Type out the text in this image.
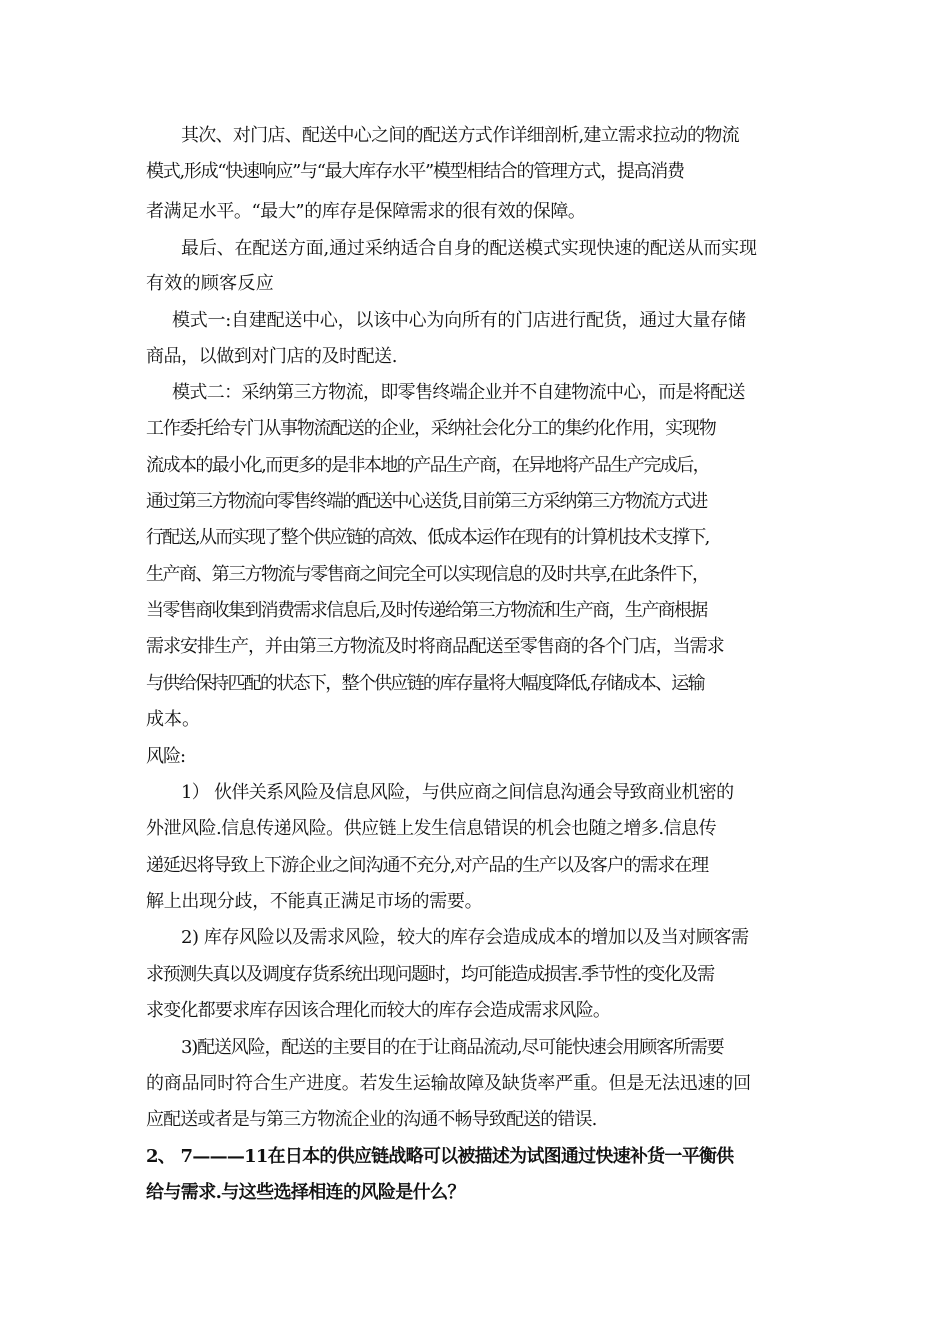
其次、对门店、配送中心之间的配送方式作详细剖析,建立需求拉动的物流
模式,形成“快速响应”与“最大库存水平”模型相结合的管理方式，提高消费
者满足水平。“最大”的库存是保障需求的很有效的保障。
最后、在配送方面,通过采纳适合自身的配送模式实现快速的配送从而实现
有效的顾客反应
模式一:自建配送中心，以该中心为向所有的门店进行配货，通过大量存储
商品，以做到对门店的及时配送.
模式二：采纳第三方物流，即零售终端企业并不自建物流中心，而是将配送
工作委托给专门从事物流配送的企业，采纳社会化分工的集约化作用，实现物
流成本的最小化,而更多的是非本地的产品生产商，在异地将产品生产完成后，
通过第三方物流向零售终端的配送中心送货,目前第三方采纳第三方物流方式进
行配送,从而实现了整个供应链的高效、低成本运作在现有的计算机技术支撑下,
生产商、第三方物流与零售商之间完全可以实现信息的及时共享,在此条件下，
当零售商收集到消费需求信息后,及时传递给第三方物流和生产商，生产商根据
需求安排生产，并由第三方物流及时将商品配送至零售商的各个门店，当需求
与供给保持匹配的状态下，整个供应链的库存量将大幅度降低,存储成本、运输
成本。
风险:
1） 伙伴关系风险及信息风险，与供应商之间信息沟通会导致商业机密的
外泄风险.信息传递风险。供应链上发生信息错误的机会也随之增多.信息传
递延迟将导致上下游企业之间沟通不充分,对产品的生产以及客户的需求在理
解上出现分歧，不能真正满足市场的需要。
2) 库存风险以及需求风险，较大的库存会造成成本的增加以及当对顾客需
求预测失真以及调度存货系统出现问题时，均可能造成损害.季节性的变化及需
求变化都要求库存因该合理化而较大的库存会造成需求风险。
3)配送风险，配送的主要目的在于让商品流动,尽可能快速会用顾客所需要
的商品同时符合生产进度。若发生运输故障及缺货率严重。但是无法迅速的回
应配送或者是与第三方物流企业的沟通不畅导致配送的错误.
2、 7———11在日本的供应链战略可以被描述为试图通过快速补货一平衡供
给与需求.与这些选择相连的风险是什么？
